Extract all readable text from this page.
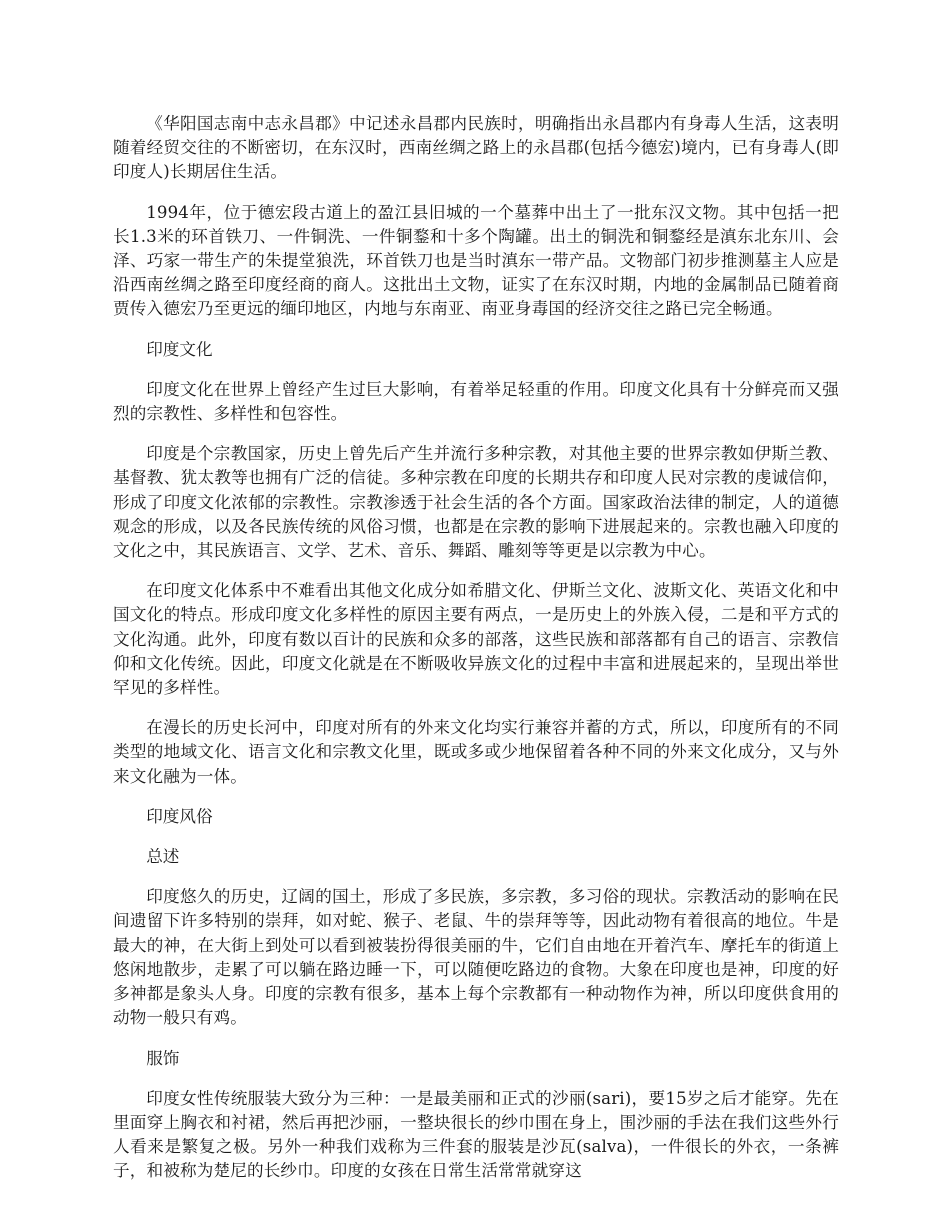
《华阳国志南中志永昌郡》中记述永昌郡内民族时，明确指出永昌郡内有身毒人生活，这表明随着经贸交往的不断密切，在东汉时，西南丝绸之路上的永昌郡(包括今德宏)境内，已有身毒人(即印度人)长期居住生活。

1994年，位于德宏段古道上的盈江县旧城的一个墓葬中出土了一批东汉文物。其中包括一把长1.3米的环首铁刀、一件铜洗、一件铜鍪和十多个陶罐。出土的铜洗和铜鍪经是滇东北东川、会泽、巧家一带生产的朱提堂狼洗，环首铁刀也是当时滇东一带产品。文物部门初步推测墓主人应是沿西南丝绸之路至印度经商的商人。这批出土文物，证实了在东汉时期，内地的金属制品已随着商贾传入德宏乃至更远的缅印地区，内地与东南亚、南亚身毒国的经济交往之路已完全畅通。

印度文化

印度文化在世界上曾经产生过巨大影响，有着举足轻重的作用。印度文化具有十分鲜亮而又强烈的宗教性、多样性和包容性。

印度是个宗教国家，历史上曾先后产生并流行多种宗教，对其他主要的世界宗教如伊斯兰教、基督教、犹太教等也拥有广泛的信徒。多种宗教在印度的长期共存和印度人民对宗教的虔诚信仰，形成了印度文化浓郁的宗教性。宗教渗透于社会生活的各个方面。国家政治法律的制定，人的道德观念的形成，以及各民族传统的风俗习惯，也都是在宗教的影响下进展起来的。宗教也融入印度的文化之中，其民族语言、文学、艺术、音乐、舞蹈、雕刻等等更是以宗教为中心。

在印度文化体系中不难看出其他文化成分如希腊文化、伊斯兰文化、波斯文化、英语文化和中国文化的特点。形成印度文化多样性的原因主要有两点，一是历史上的外族入侵，二是和平方式的文化沟通。此外，印度有数以百计的民族和众多的部落，这些民族和部落都有自己的语言、宗教信仰和文化传统。因此，印度文化就是在不断吸收异族文化的过程中丰富和进展起来的，呈现出举世罕见的多样性。

在漫长的历史长河中，印度对所有的外来文化均实行兼容并蓄的方式，所以，印度所有的不同类型的地域文化、语言文化和宗教文化里，既或多或少地保留着各种不同的外来文化成分，又与外来文化融为一体。

印度风俗

总述

印度悠久的历史，辽阔的国土，形成了多民族，多宗教，多习俗的现状。宗教活动的影响在民间遗留下许多特别的崇拜，如对蛇、猴子、老鼠、牛的崇拜等等，因此动物有着很高的地位。牛是最大的神，在大街上到处可以看到被装扮得很美丽的牛，它们自由地在开着汽车、摩托车的街道上悠闲地散步，走累了可以躺在路边睡一下，可以随便吃路边的食物。大象在印度也是神，印度的好多神都是象头人身。印度的宗教有很多，基本上每个宗教都有一种动物作为神，所以印度供食用的动物一般只有鸡。

服饰

印度女性传统服装大致分为三种：一是最美丽和正式的沙丽(sari)，要15岁之后才能穿。先在里面穿上胸衣和衬裙，然后再把沙丽，一整块很长的纱巾围在身上，围沙丽的手法在我们这些外行人看来是繁复之极。另外一种我们戏称为三件套的服装是沙瓦(salva)，一件很长的外衣，一条裤子，和被称为楚尼的长纱巾。印度的女孩在日常生活常常就穿这
